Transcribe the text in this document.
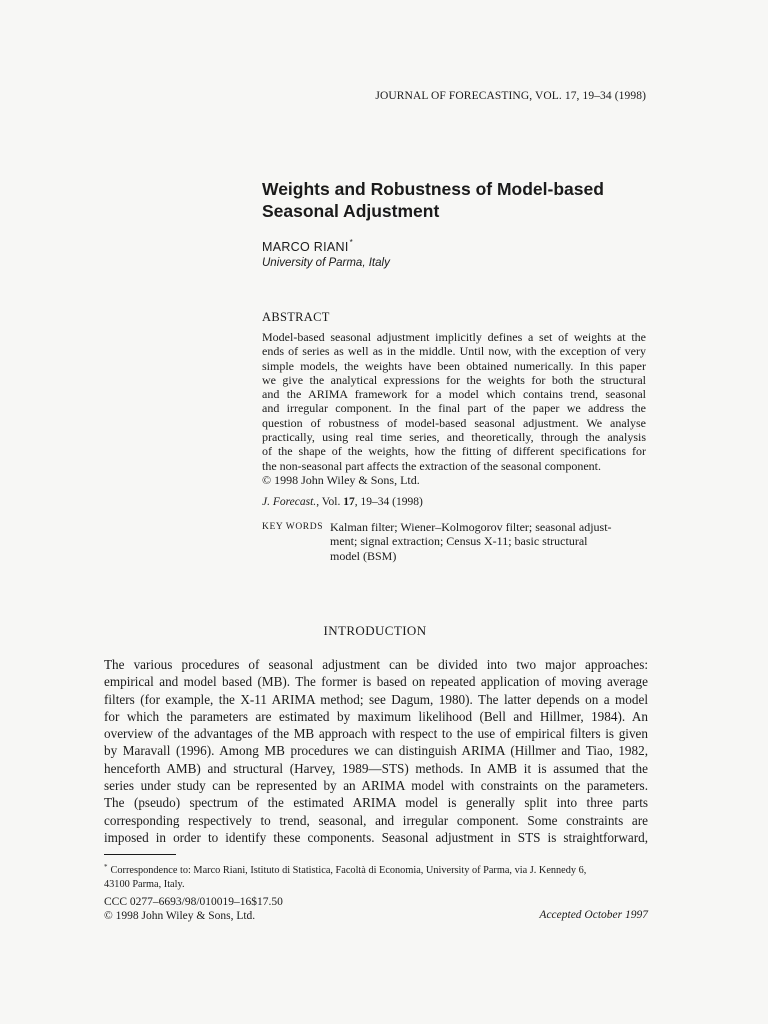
JOURNAL OF FORECASTING, VOL. 17, 19–34 (1998)
Weights and Robustness of Model-based
Seasonal Adjustment
MARCO RIANI*
University of Parma, Italy
ABSTRACT
Model-based seasonal adjustment implicitly defines a set of weights at the
ends of series as well as in the middle. Until now, with the exception of very
simple models, the weights have been obtained numerically. In this paper
we give the analytical expressions for the weights for both the structural
and the ARIMA framework for a model which contains trend, seasonal
and irregular component. In the final part of the paper we address the
question of robustness of model-based seasonal adjustment. We analyse
practically, using real time series, and theoretically, through the analysis
of the shape of the weights, how the fitting of different specifications for
the non-seasonal part affects the extraction of the seasonal component.
© 1998 John Wiley & Sons, Ltd.
J. Forecast., Vol. 17, 19–34 (1998)
KEY WORDS Kalman filter; Wiener–Kolmogorov filter; seasonal adjust-
ment; signal extraction; Census X-11; basic structural
model (BSM)
INTRODUCTION
The various procedures of seasonal adjustment can be divided into two major approaches:
empirical and model based (MB). The former is based on repeated application of moving average
filters (for example, the X-11 ARIMA method; see Dagum, 1980). The latter depends on a model
for which the parameters are estimated by maximum likelihood (Bell and Hillmer, 1984). An
overview of the advantages of the MB approach with respect to the use of empirical filters is given
by Maravall (1996). Among MB procedures we can distinguish ARIMA (Hillmer and Tiao, 1982,
henceforth AMB) and structural (Harvey, 1989—STS) methods. In AMB it is assumed that the
series under study can be represented by an ARIMA model with constraints on the parameters.
The (pseudo) spectrum of the estimated ARIMA model is generally split into three parts
corresponding respectively to trend, seasonal, and irregular component. Some constraints are
imposed in order to identify these components. Seasonal adjustment in STS is straightforward,
* Correspondence to: Marco Riani, Istituto di Statistica, Facoltà di Economia, University of Parma, via J. Kennedy 6,
43100 Parma, Italy.
CCC 0277–6693/98/010019–16$17.50
© 1998 John Wiley & Sons, Ltd.	Accepted October 1997
